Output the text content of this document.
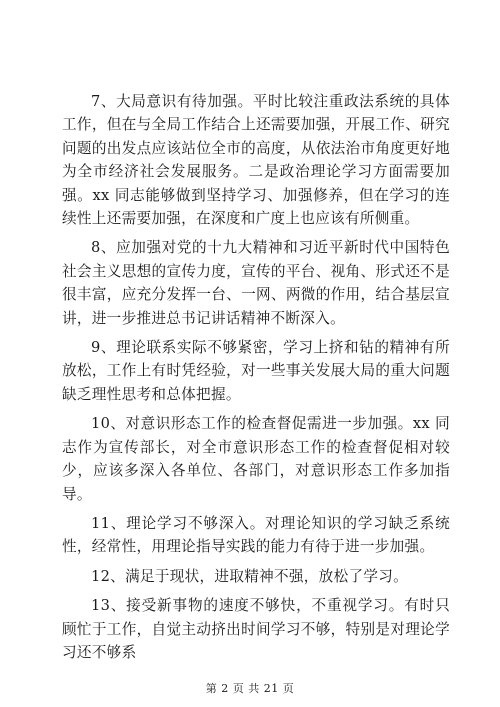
7、大局意识有待加强。平时比较注重政法系统的具体工作，但在与全局工作结合上还需要加强，开展工作、研究问题的出发点应该站位全市的高度，从依法治市角度更好地为全市经济社会发展服务。二是政治理论学习方面需要加强。xx 同志能够做到坚持学习、加强修养，但在学习的连续性上还需要加强，在深度和广度上也应该有所侧重。

8、应加强对党的十九大精神和习近平新时代中国特色社会主义思想的宣传力度，宣传的平台、视角、形式还不是很丰富，应充分发挥一台、一网、两微的作用，结合基层宣讲，进一步推进总书记讲话精神不断深入。

9、理论联系实际不够紧密，学习上挤和钻的精神有所放松，工作上有时凭经验，对一些事关发展大局的重大问题缺乏理性思考和总体把握。

10、对意识形态工作的检查督促需进一步加强。xx 同志作为宣传部长，对全市意识形态工作的检查督促相对较少，应该多深入各单位、各部门，对意识形态工作多加指导。

11、理论学习不够深入。对理论知识的学习缺乏系统性，经常性，用理论指导实践的能力有待于进一步加强。

12、满足于现状，进取精神不强，放松了学习。

13、接受新事物的速度不够快，不重视学习。有时只顾忙于工作，自觉主动挤出时间学习不够，特别是对理论学习还不够系

第 2 页 共 21 页
